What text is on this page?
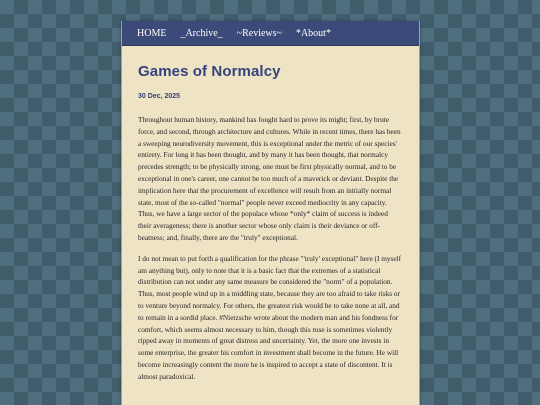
HOME _Archive_ ~Reviews~ *About*
Games of Normalcy
30 Dec, 2025

Throughout human history, mankind has fought hard to prove its might; first, by brute force, and second, through architecture and cultures. While in recent times, there has been a sweeping neurodiversity movement, this is exceptional under the metric of our species' entirety. For long it has been thought, and by many it has been thought, that normalcy precedes strength; to be physically strong, one must be first physically normal, and to be exceptional in one's career, one cannot be too much of a maverick or deviant. Despite the implication here that the procurement of excellence will result from an initially normal state, most of the so-called "normal" people never exceed mediocrity in any capacity. Thus, we have a large sector of the populace whose *only* claim of success is indeed their averageness; there is another sector whose only claim is their deviance or off-beatness; and, finally, there are the "truly" exceptional.

I do not mean to put forth a qualification for the phrase "'truly' exceptional" here (I myself am anything but), only to note that it is a basic fact that the extremes of a statistical distribution can not under any same measure be considered the "norm" of a population. Thus, most people wind up in a middling state, because they are too afraid to take risks or to venture beyond normalcy. For others, the greatest risk would be to take none at all, and to remain in a sordid place. #Nietzsche wrote about the modern man and his fondness for comfort, which seems almost necessary to him, though this ruse is sometimes violently ripped away in moments of great distress and uncertainty. Yet, the more one invests in some enterprise, the greater his comfort in investment shall become in the future. He will become increasingly content the more he is inspired to accept a state of discontent. It is almost paradoxical.
